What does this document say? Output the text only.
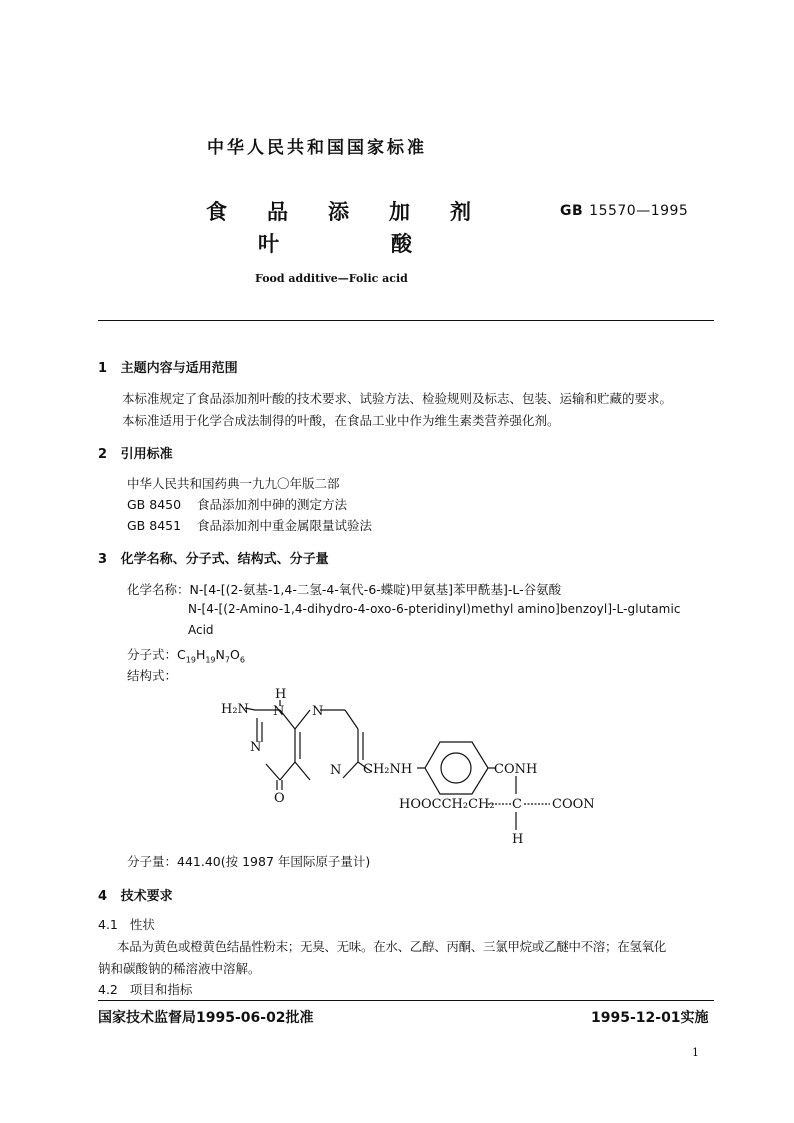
中华人民共和国国家标准
食品添加剂
叶酸
GB 15570—1995
Food additive—Folic acid
1 主题内容与适用范围
本标准规定了食品添加剂叶酸的技术要求、试验方法、检验规则及标志、包装、运输和贮藏的要求。
本标准适用于化学合成法制得的叶酸，在食品工业中作为维生素类营养强化剂。
2 引用标准
中华人民共和国药典一九九〇年版二部
GB 8450 食品添加剂中砷的测定方法
GB 8451 食品添加剂中重金属限量试验法
3 化学名称、分子式、结构式、分子量
化学名称：N-[4-[(2-氨基-1,4-二氢-4-氧代-6-蝶啶)甲氨基]苯甲酰基]-L-谷氨酸
N-[4-[(2-Amino-1,4-dihydro-4-oxo-6-pteridinyl)methyl amino]benzoyl]-L-glutamic
Acid
分子式：$C_{19}H_{19}N_7O_6$
结构式：
H
H₂N N N
N
N
O
CH₂NH	CONH
HOOCCH₂CH₂ C COON
H
分子量：441.40(按 1987 年国际原子量计)
4 技术要求
4.1 性状
本品为黄色或橙黄色结晶性粉末；无臭、无味。在水、乙醇、丙酮、三氯甲烷或乙醚中不溶；在氢氧化
钠和碳酸钠的稀溶液中溶解。
4.2 项目和指标
国家技术监督局1995-06-02批准	1995-12-01实施
1
